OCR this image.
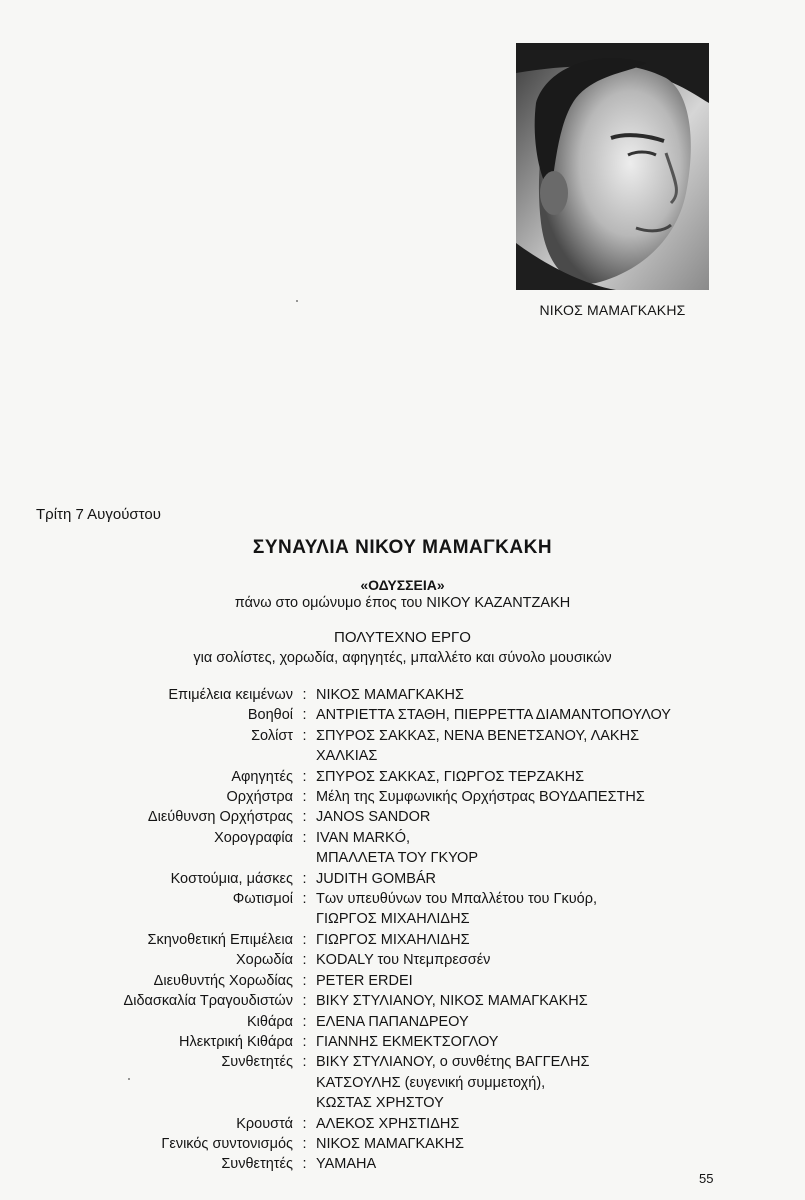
ΝΙΚΟΣ ΜΑΜΑΓΚΑΚΗΣ
Τρίτη 7 Αυγούστου
ΣΥΝΑΥΛΙΑ ΝΙΚΟΥ ΜΑΜΑΓΚΑΚΗ
«ΟΔΥΣΣΕΙΑ»
πάνω στο ομώνυμο έπος του ΝΙΚΟΥ ΚΑΖΑΝΤΖΑΚΗ
ΠΟΛΥΤΕΧΝΟ ΕΡΓΟ
για σολίστες, χορωδία, αφηγητές, μπαλλέτο και σύνολο μουσικών
Επιμέλεια κειμένων : ΝΙΚΟΣ ΜΑΜΑΓΚΑΚΗΣ
Βοηθοί : ΑΝΤΡΙΕΤΤΑ ΣΤΑΘΗ, ΠΙΕΡΡΕΤΤΑ ΔΙΑΜΑΝΤΟΠΟΥΛΟΥ
Σολίστ : ΣΠΥΡΟΣ ΣΑΚΚΑΣ, ΝΕΝΑ ΒΕΝΕΤΣΑΝΟΥ, ΛΑΚΗΣ
ΧΑΛΚΙΑΣ
Αφηγητές : ΣΠΥΡΟΣ ΣΑΚΚΑΣ, ΓΙΩΡΓΟΣ ΤΕΡΖΑΚΗΣ
Ορχήστρα : Μέλη της Συμφωνικής Ορχήστρας ΒΟΥΔΑΠΕΣΤΗΣ
Διεύθυνση Ορχήστρας : JANOS SANDOR
Χορογραφία : IVAN MARKÓ,
ΜΠΑΛΛΕΤΑ ΤΟΥ ΓΚΥΟΡ
Κοστούμια, μάσκες : JUDITH GOMBÁR
Φωτισμοί : Των υπευθύνων του Μπαλλέτου του Γκυόρ,
ΓΙΩΡΓΟΣ ΜΙΧΑΗΛΙΔΗΣ
Σκηνοθετική Επιμέλεια : ΓΙΩΡΓΟΣ ΜΙΧΑΗΛΙΔΗΣ
Χορωδία : KODALY του Ντεμπρεσσέν
Διευθυντής Χορωδίας : PETER ERDEI
Διδασκαλία Τραγουδιστών : ΒΙΚΥ ΣΤΥΛΙΑΝΟΥ, ΝΙΚΟΣ ΜΑΜΑΓΚΑΚΗΣ
Κιθάρα : ΕΛΕΝΑ ΠΑΠΑΝΔΡΕΟΥ
Ηλεκτρική Κιθάρα : ΓΙΑΝΝΗΣ ΕΚΜΕΚΤΣΟΓΛΟΥ
Συνθετητές : ΒΙΚΥ ΣΤΥΛΙΑΝΟΥ, ο συνθέτης ΒΑΓΓΕΛΗΣ
ΚΑΤΣΟΥΛΗΣ (ευγενική συμμετοχή),
ΚΩΣΤΑΣ ΧΡΗΣΤΟΥ
Κρουστά : ΑΛΕΚΟΣ ΧΡΗΣΤΙΔΗΣ
Γενικός συντονισμός : ΝΙΚΟΣ ΜΑΜΑΓΚΑΚΗΣ
Συνθετητές : YAMAHA
55
